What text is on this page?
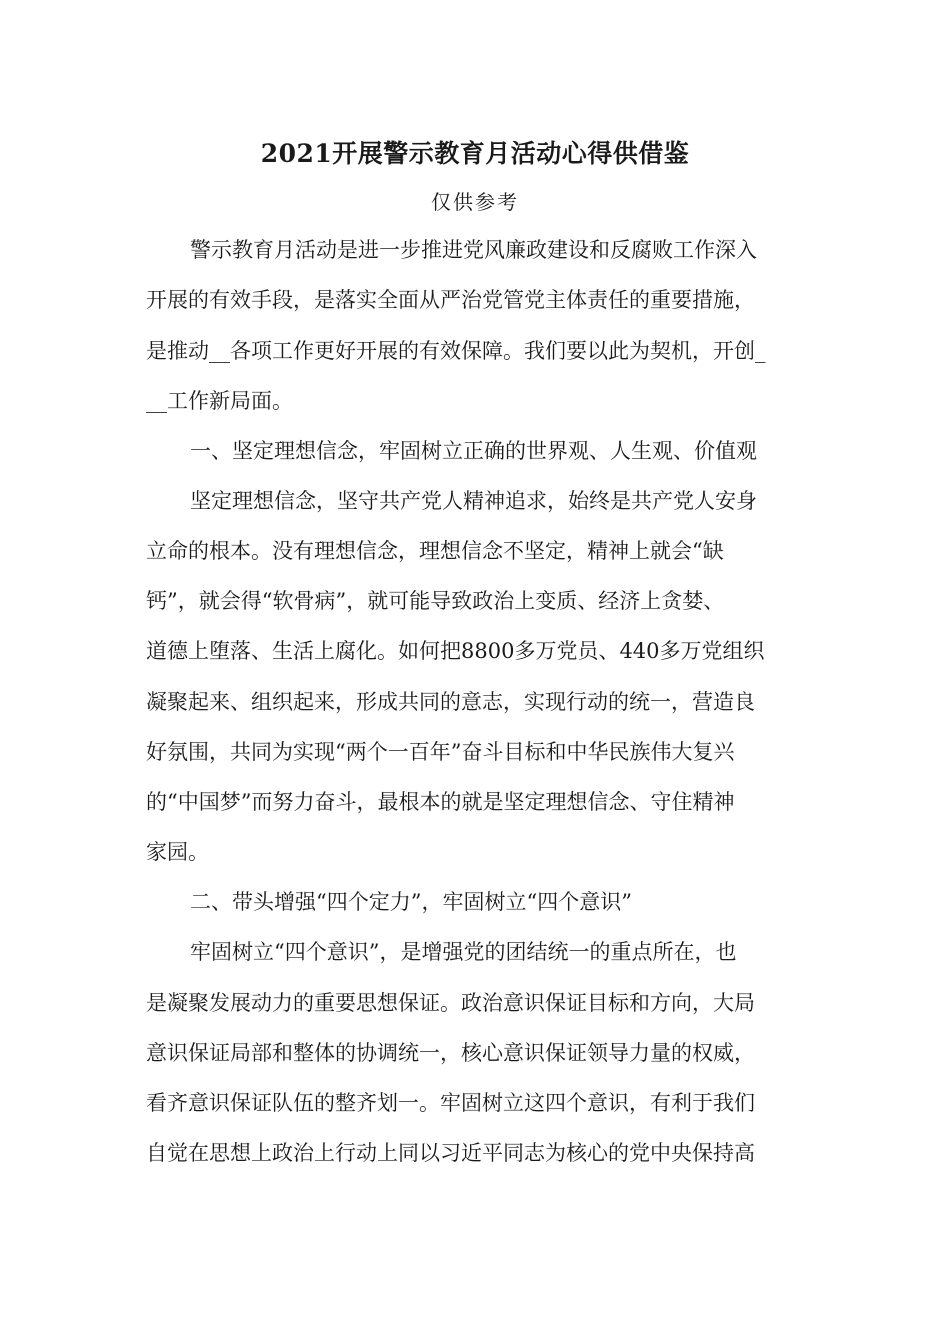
2021开展警示教育月活动心得供借鉴
仅供参考
警示教育月活动是进一步推进党风廉政建设和反腐败工作深入
开展的有效手段，是落实全面从严治党管党主体责任的重要措施，
是推动__各项工作更好开展的有效保障。我们要以此为契机，开创_
__工作新局面。
一、坚定理想信念，牢固树立正确的世界观、人生观、价值观
坚定理想信念，坚守共产党人精神追求，始终是共产党人安身
立命的根本。没有理想信念，理想信念不坚定，精神上就会“缺
钙”，就会得“软骨病”，就可能导致政治上变质、经济上贪婪、
道德上堕落、生活上腐化。如何把8800多万党员、440多万党组织
凝聚起来、组织起来，形成共同的意志，实现行动的统一，营造良
好氛围，共同为实现“两个一百年”奋斗目标和中华民族伟大复兴
的“中国梦”而努力奋斗，最根本的就是坚定理想信念、守住精神
家园。
二、带头增强“四个定力”，牢固树立“四个意识”
牢固树立“四个意识”，是增强党的团结统一的重点所在，也
是凝聚发展动力的重要思想保证。政治意识保证目标和方向，大局
意识保证局部和整体的协调统一，核心意识保证领导力量的权威，
看齐意识保证队伍的整齐划一。牢固树立这四个意识，有利于我们
自觉在思想上政治上行动上同以习近平同志为核心的党中央保持高
